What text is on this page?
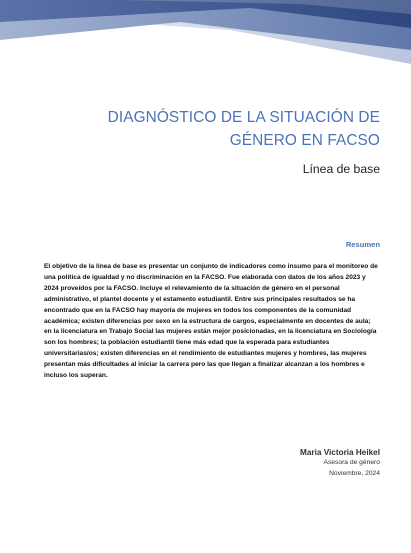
DIAGNÓSTICO DE LA SITUACIÓN DE GÉNERO EN FACSO
Línea de base
Resumen

El objetivo de la línea de base es presentar un conjunto de indicadores como insumo para el monitoreo de una política de igualdad y no discriminación en la FACSO. Fue elaborada con datos de los años 2023 y 2024 proveídos por la FACSO. Incluye el relevamiento de la situación de género en el personal administrativo, el plantel docente y el estamento estudiantil. Entre sus principales resultados se ha encontrado que en la FACSO hay mayoría de mujeres en todos los componentes de la comunidad académica; existen diferencias por sexo en la estructura de cargos, especialmente en docentes de aula; en la licenciatura en Trabajo Social las mujeres están mejor posicionadas, en la licenciatura en Sociología son los hombres; la población estudiantil tiene más edad que la esperada para estudiantes universitarias/os; existen diferencias en el rendimiento de estudiantes mujeres y hombres, las mujeres presentan más dificultades al iniciar la carrera pero las que llegan a finalizar alcanzan a los hombres e incluso los superan.

Maria Victoria Heikel
Asesora de género
Noviembre, 2024
